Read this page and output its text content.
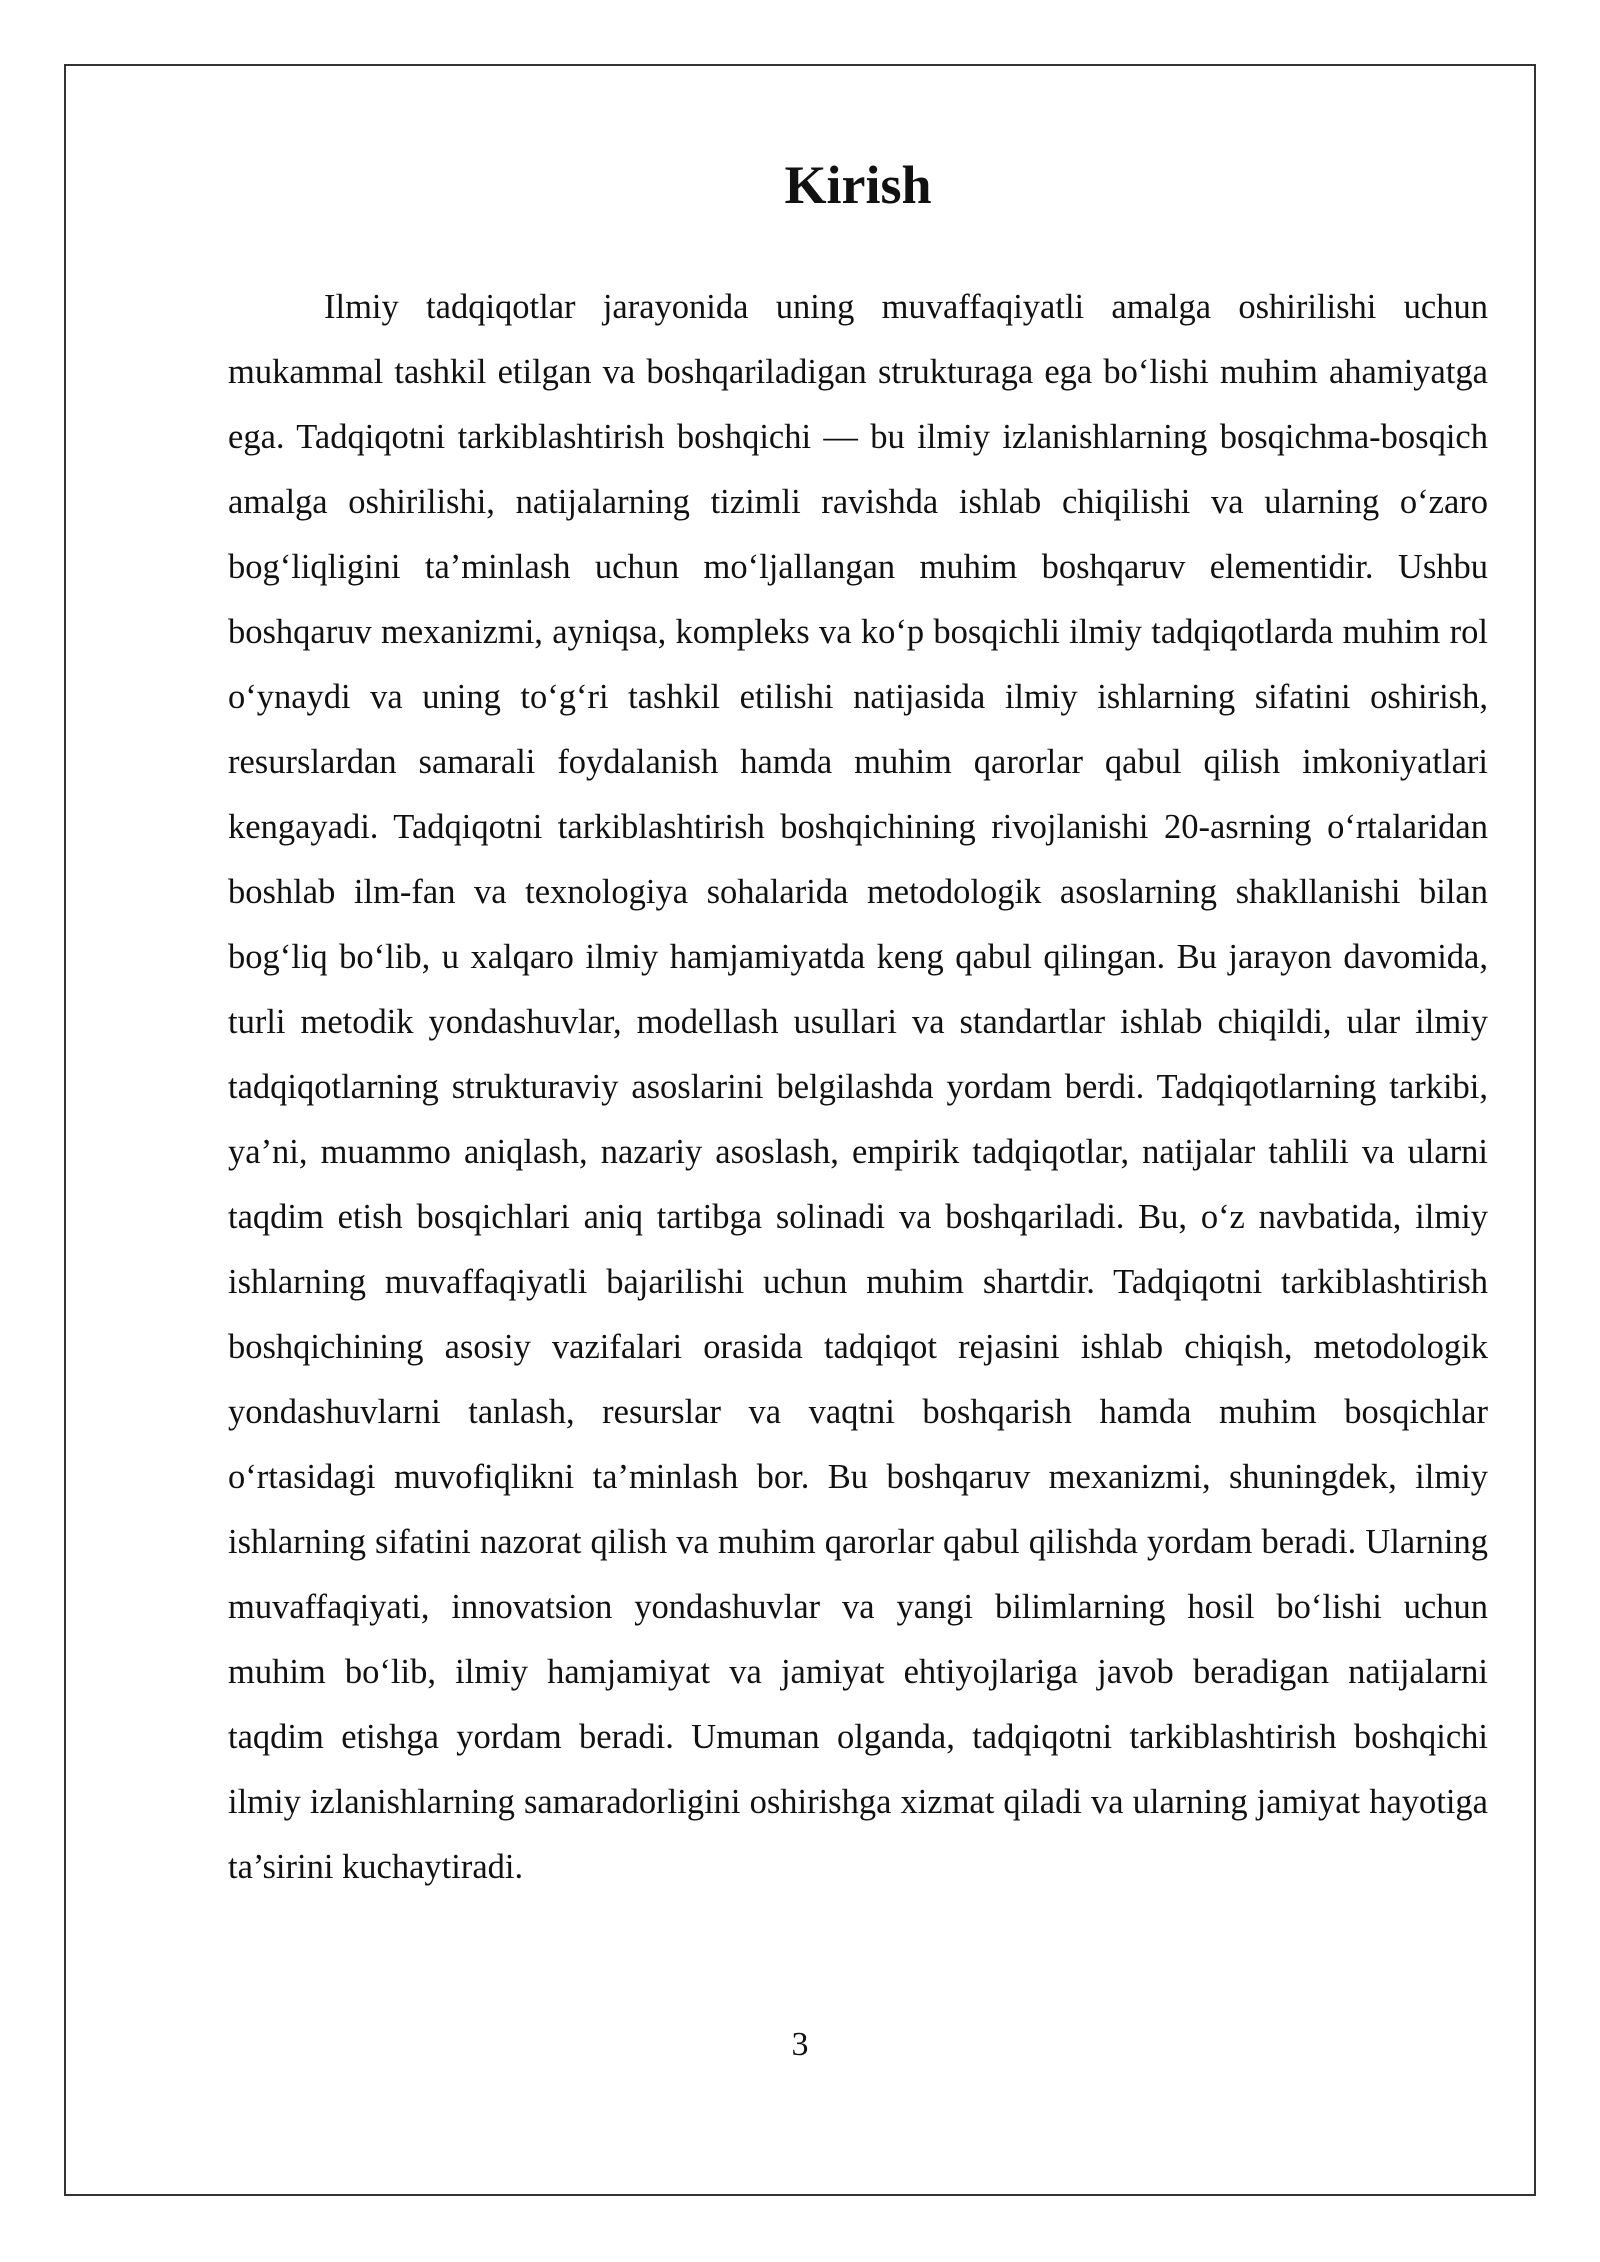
Kirish

Ilmiy tadqiqotlar jarayonida uning muvaffaqiyatli amalga oshirilishi uchun mukammal tashkil etilgan va boshqariladigan strukturaga ega bo‘lishi muhim ahamiyatga ega. Tadqiqotni tarkiblashtirish boshqichi — bu ilmiy izlanishlarning bosqichma-bosqich amalga oshirilishi, natijalarning tizimli ravishda ishlab chiqilishi va ularning o‘zaro bog‘liqligini ta’minlash uchun mo‘ljallangan muhim boshqaruv elementidir. Ushbu boshqaruv mexanizmi, ayniqsa, kompleks va ko‘p bosqichli ilmiy tadqiqotlarda muhim rol o‘ynaydi va uning to‘g‘ri tashkil etilishi natijasida ilmiy ishlarning sifatini oshirish, resurslardan samarali foydalanish hamda muhim qarorlar qabul qilish imkoniyatlari kengayadi. Tadqiqotni tarkiblashtirish boshqichining rivojlanishi 20-asrning o‘rtalaridan boshlab ilm-fan va texnologiya sohalarida metodologik asoslarning shakllanishi bilan bog‘liq bo‘lib, u xalqaro ilmiy hamjamiyatda keng qabul qilingan. Bu jarayon davomida, turli metodik yondashuvlar, modellash usullari va standartlar ishlab chiqildi, ular ilmiy tadqiqotlarning strukturaviy asoslarini belgilashda yordam berdi. Tadqiqotlarning tarkibi, ya’ni, muammo aniqlash, nazariy asoslash, empirik tadqiqotlar, natijalar tahlili va ularni taqdim etish bosqichlari aniq tartibga solinadi va boshqariladi. Bu, o‘z navbatida, ilmiy ishlarning muvaffaqiyatli bajarilishi uchun muhim shartdir. Tadqiqotni tarkiblashtirish boshqichining asosiy vazifalari orasida tadqiqot rejasini ishlab chiqish, metodologik yondashuvlarni tanlash, resurslar va vaqtni boshqarish hamda muhim bosqichlar o‘rtasidagi muvofiqlikni ta’minlash bor. Bu boshqaruv mexanizmi, shuningdek, ilmiy ishlarning sifatini nazorat qilish va muhim qarorlar qabul qilishda yordam beradi. Ularning muvaffaqiyati, innovatsion yondashuvlar va yangi bilimlarning hosil bo‘lishi uchun muhim bo‘lib, ilmiy hamjamiyat va jamiyat ehtiyojlariga javob beradigan natijalarni taqdim etishga yordam beradi. Umuman olganda, tadqiqotni tarkiblashtirish boshqichi ilmiy izlanishlarning samaradorligini oshirishga xizmat qiladi va ularning jamiyat hayotiga ta’sirini kuchaytiradi.

3
